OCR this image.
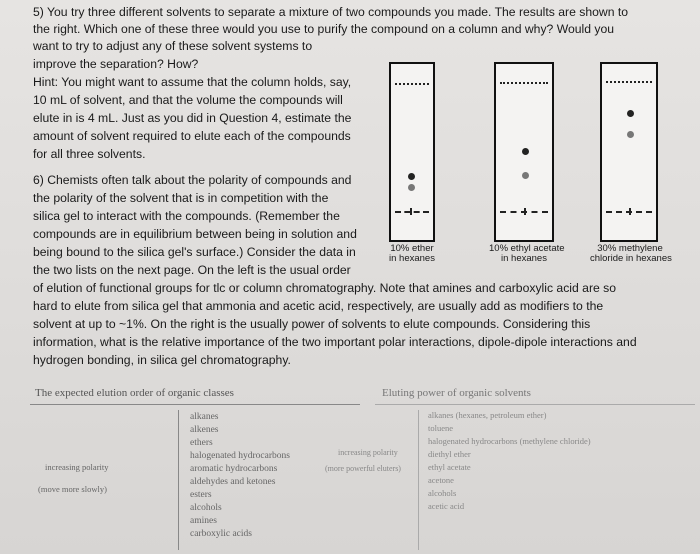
5) You try three different solvents to separate a mixture of two compounds you made. The results are shown to
the right. Which one of these three would you use to purify the compound on a column and why? Would you
want to try to adjust any of these solvent systems to
improve the separation? How?
Hint: You might want to assume that the column holds, say,
10 mL of solvent, and that the volume the compounds will
elute in is 4 mL. Just as you did in Question 4, estimate the
amount of solvent required to elute each of the compounds
for all three solvents.
6) Chemists often talk about the polarity of compounds and
the polarity of the solvent that is in competition with the
silica gel to interact with the compounds. (Remember the
compounds are in equilibrium between being in solution and
being bound to the silica gel's surface.) Consider the data in
the two lists on the next page. On the left is the usual order
of elution of functional groups for tlc or column chromatography. Note that amines and carboxylic acid are so
hard to elute from silica gel that ammonia and acetic acid, respectively, are usually add as modifiers to the
solvent at up to ~1%. On the right is the usually power of solvents to elute compounds. Considering this
information, what is the relative importance of the two important polar interactions, dipole-dipole interactions and
hydrogen bonding, in silica gel chromatography.
10% ether
in hexanes
10% ethyl acetate
in hexanes
30% methylene
chloride in hexanes
The expected elution order of organic classes
increasing polarity
(move more slowly)
alkanes
alkenes
ethers
halogenated hydrocarbons
aromatic hydrocarbons
aldehydes and ketones
esters
alcohols
amines
carboxylic acids
Eluting power of organic solvents
increasing polarity
(more powerful eluters)
alkanes (hexanes, petroleum ether)
toluene
halogenated hydrocarbons (methylene chloride)
diethyl ether
ethyl acetate
acetone
alcohols
acetic acid
